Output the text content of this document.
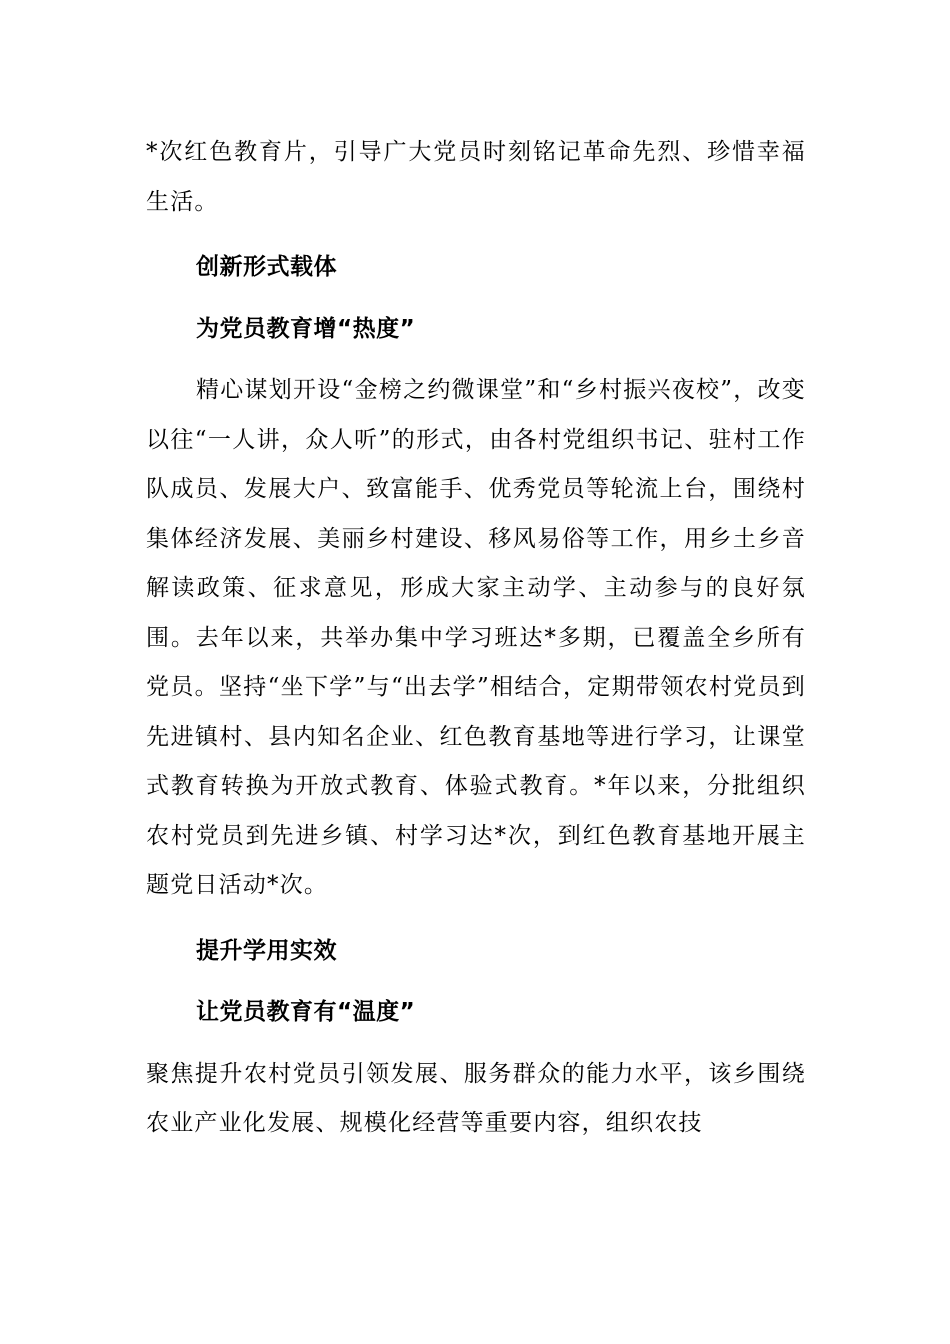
*次红色教育片，引导广大党员时刻铭记革命先烈、珍惜幸福生活。

创新形式载体

为党员教育增“热度”

精心谋划开设“金榜之约微课堂”和“乡村振兴夜校”，改变以往“一人讲，众人听”的形式，由各村党组织书记、驻村工作队成员、发展大户、致富能手、优秀党员等轮流上台，围绕村集体经济发展、美丽乡村建设、移风易俗等工作，用乡土乡音解读政策、征求意见，形成大家主动学、主动参与的良好氛围。去年以来，共举办集中学习班达*多期，已覆盖全乡所有党员。坚持“坐下学”与“出去学”相结合，定期带领农村党员到先进镇村、县内知名企业、红色教育基地等进行学习，让课堂式教育转换为开放式教育、体验式教育。*年以来，分批组织农村党员到先进乡镇、村学习达*次，到红色教育基地开展主题党日活动*次。

提升学用实效

让党员教育有“温度”

聚焦提升农村党员引领发展、服务群众的能力水平，该乡围绕农业产业化发展、规模化经营等重要内容，组织农技
